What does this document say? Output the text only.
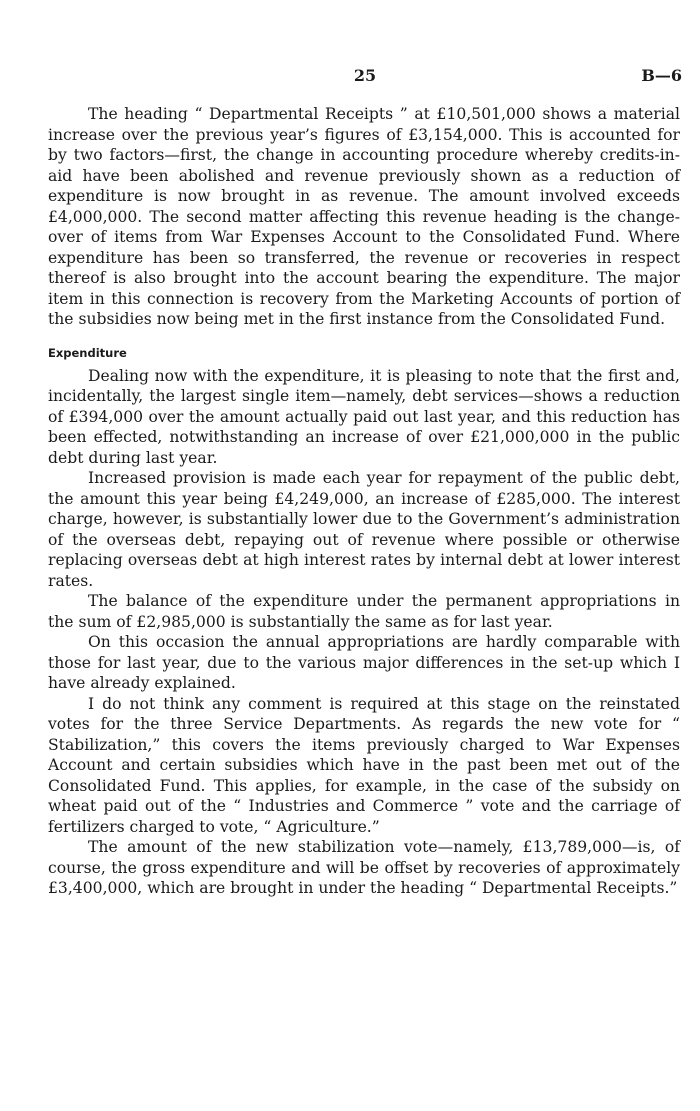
25	B—6

The heading “ Departmental Receipts ” at £10,501,000 shows a material increase over the previous year’s figures of £3,154,000. This is accounted for by two factors—first, the change in accounting procedure whereby credits-in-aid have been abolished and revenue previously shown as a reduction of expenditure is now brought in as revenue. The amount involved exceeds £4,000,000. The second matter affecting this revenue heading is the change-over of items from War Expenses Account to the Consolidated Fund. Where expenditure has been so transferred, the revenue or recoveries in respect thereof is also brought into the account bearing the expenditure. The major item in this connection is recovery from the Marketing Accounts of portion of the subsidies now being met in the first instance from the Consolidated Fund.

Expenditure

Dealing now with the expenditure, it is pleasing to note that the first and, incidentally, the largest single item—namely, debt services—shows a reduction of £394,000 over the amount actually paid out last year, and this reduction has been effected, notwithstanding an increase of over £21,000,000 in the public debt during last year.

Increased provision is made each year for repayment of the public debt, the amount this year being £4,249,000, an increase of £285,000. The interest charge, however, is substantially lower due to the Government’s administration of the overseas debt, repaying out of revenue where possible or otherwise replacing overseas debt at high interest rates by internal debt at lower interest rates.

The balance of the expenditure under the permanent appropriations in the sum of £2,985,000 is substantially the same as for last year.

On this occasion the annual appropriations are hardly comparable with those for last year, due to the various major differences in the set-up which I have already explained.

I do not think any comment is required at this stage on the reinstated votes for the three Service Departments. As regards the new vote for “ Stabilization,” this covers the items previously charged to War Expenses Account and certain subsidies which have in the past been met out of the Consolidated Fund. This applies, for example, in the case of the subsidy on wheat paid out of the “ Industries and Commerce ” vote and the carriage of fertilizers charged to vote, “ Agriculture.”

The amount of the new stabilization vote—namely, £13,789,000—is, of course, the gross expenditure and will be offset by recoveries of approximately £3,400,000, which are brought in under the heading “ Departmental Receipts.”
